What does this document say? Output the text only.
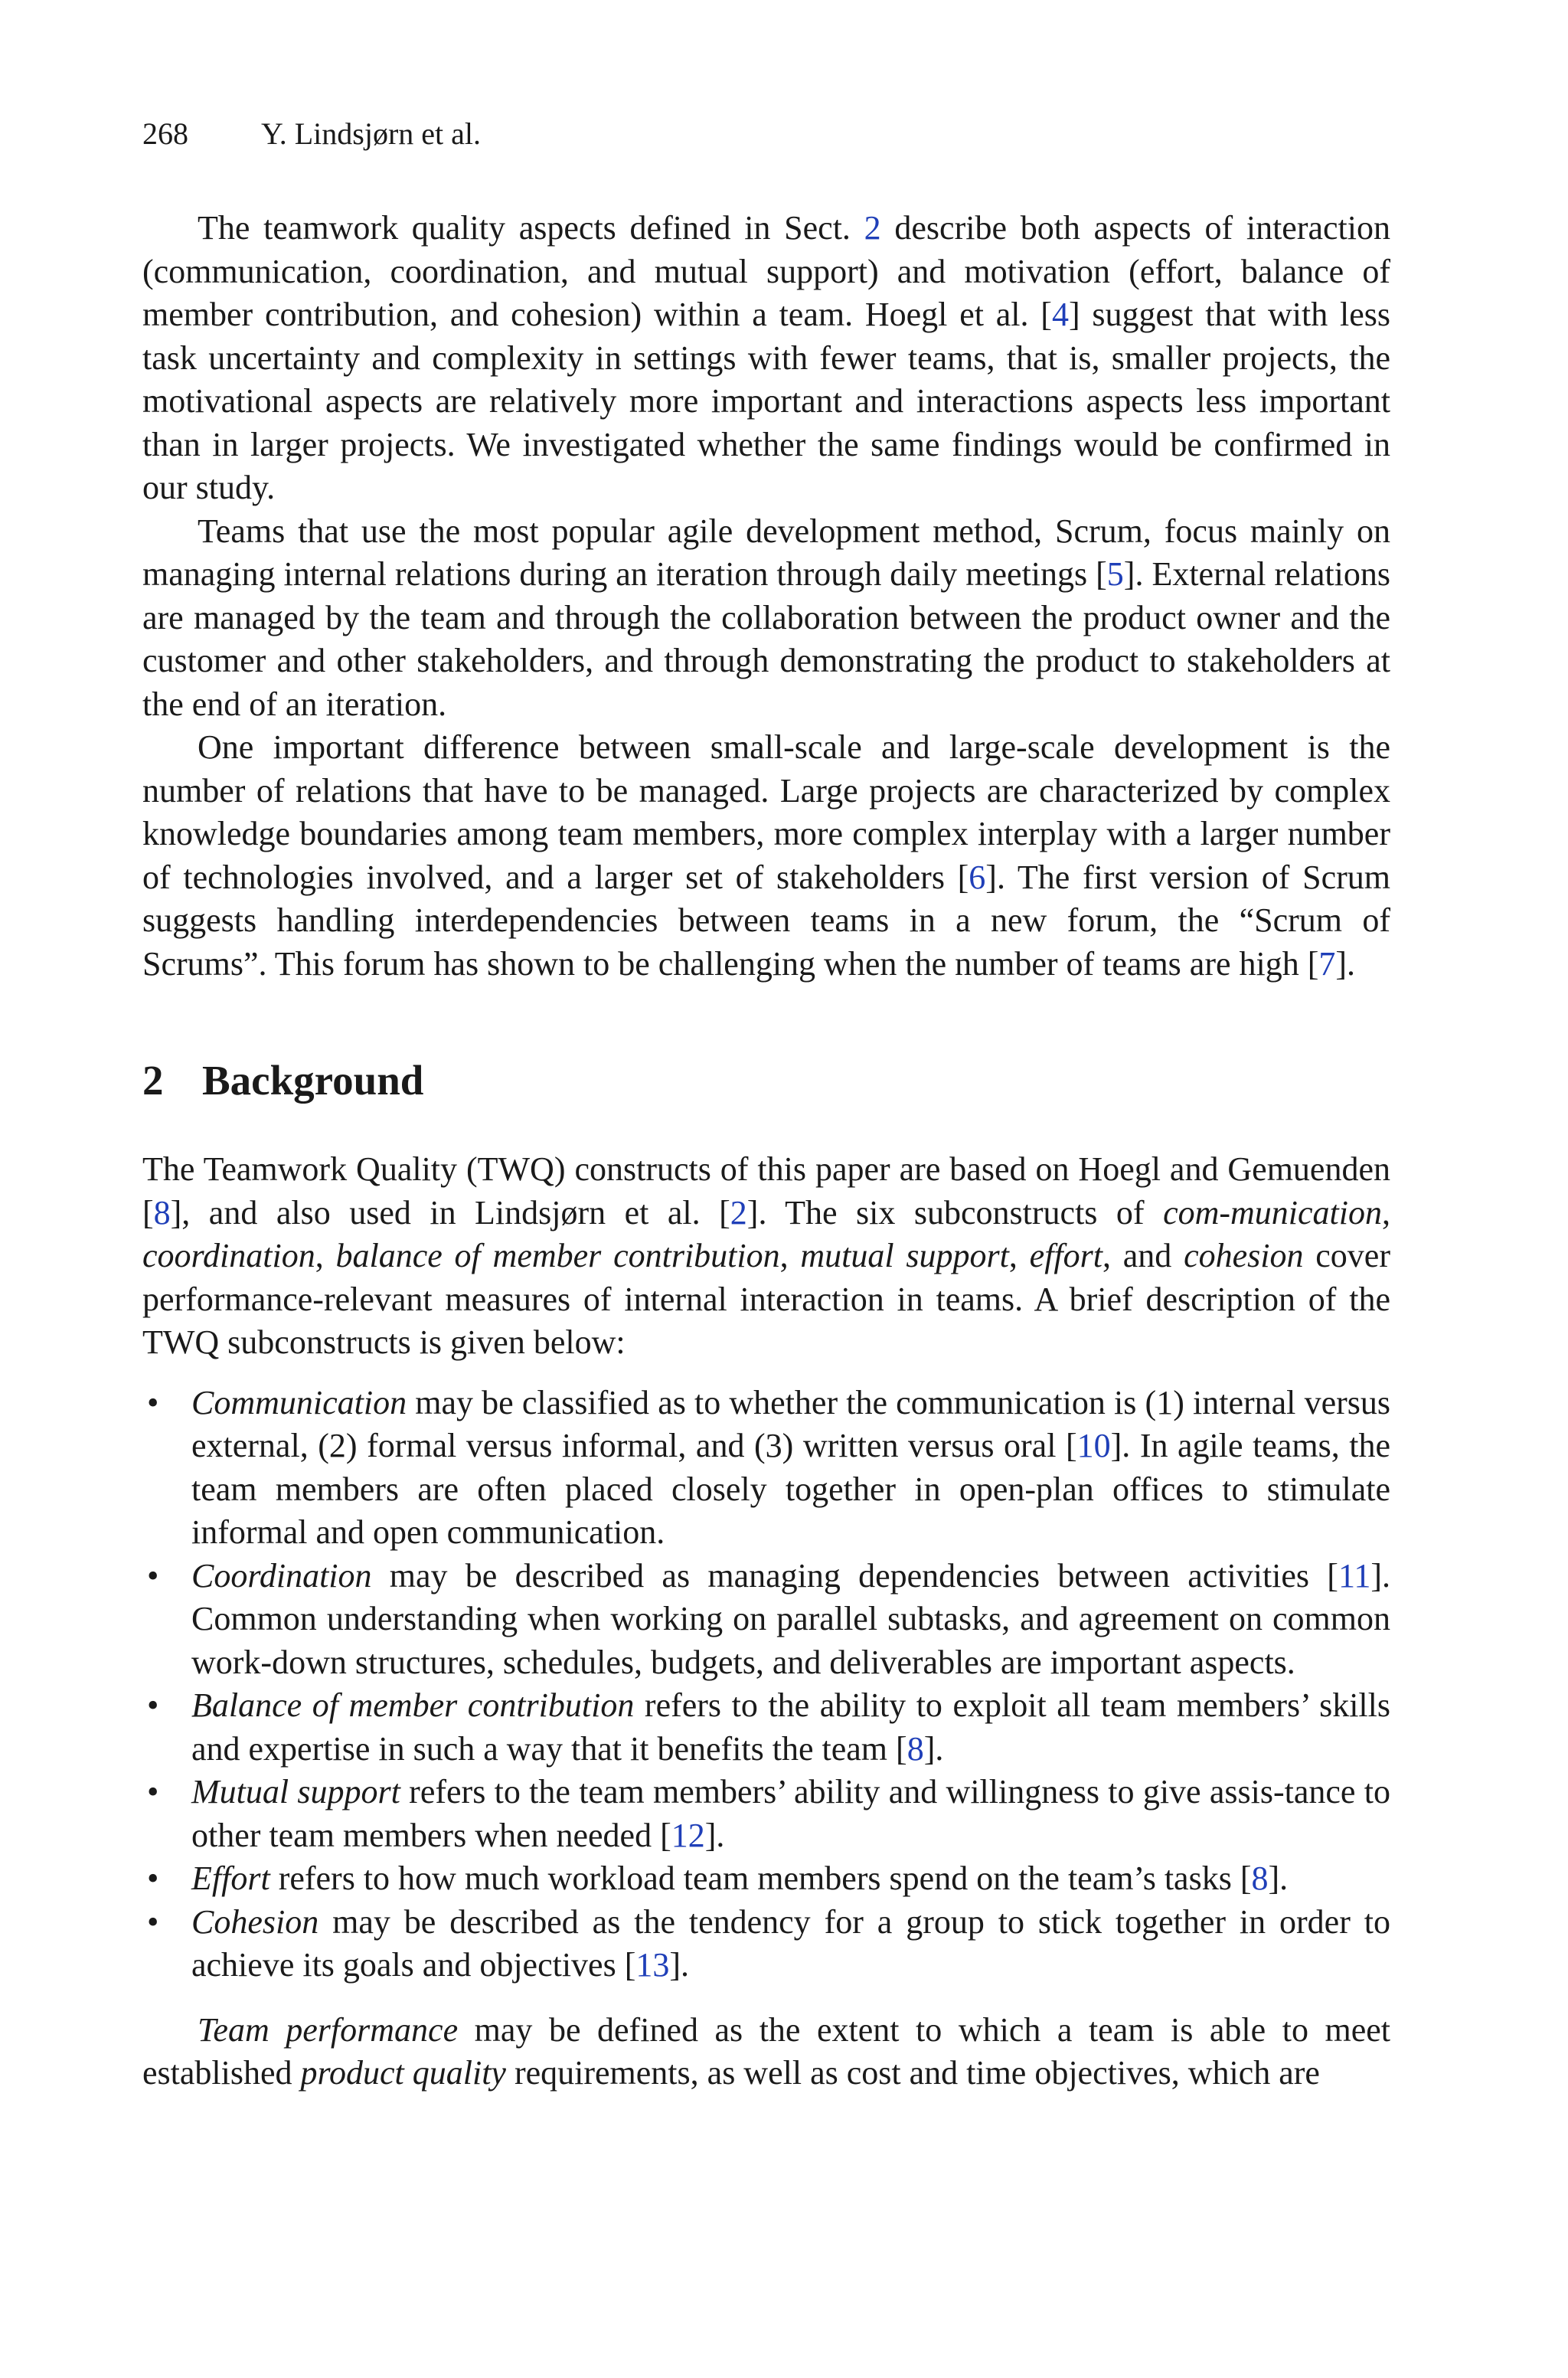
268 Y. Lindsjørn et al.

The teamwork quality aspects defined in Sect. 2 describe both aspects of interaction (communication, coordination, and mutual support) and motivation (effort, balance of member contribution, and cohesion) within a team. Hoegl et al. [4] suggest that with less task uncertainty and complexity in settings with fewer teams, that is, smaller projects, the motivational aspects are relatively more important and interactions aspects less important than in larger projects. We investigated whether the same findings would be confirmed in our study.

Teams that use the most popular agile development method, Scrum, focus mainly on managing internal relations during an iteration through daily meetings [5]. External relations are managed by the team and through the collaboration between the product owner and the customer and other stakeholders, and through demonstrating the product to stakeholders at the end of an iteration.

One important difference between small-scale and large-scale development is the number of relations that have to be managed. Large projects are characterized by complex knowledge boundaries among team members, more complex interplay with a larger number of technologies involved, and a larger set of stakeholders [6]. The first version of Scrum suggests handling interdependencies between teams in a new forum, the “Scrum of Scrums”. This forum has shown to be challenging when the number of teams are high [7].

2 Background

The Teamwork Quality (TWQ) constructs of this paper are based on Hoegl and Gemuenden [8], and also used in Lindsjørn et al. [2]. The six subconstructs of com-munication, coordination, balance of member contribution, mutual support, effort, and cohesion cover performance-relevant measures of internal interaction in teams. A brief description of the TWQ subconstructs is given below:

• Communication may be classified as to whether the communication is (1) internal versus external, (2) formal versus informal, and (3) written versus oral [10]. In agile teams, the team members are often placed closely together in open-plan offices to stimulate informal and open communication.
• Coordination may be described as managing dependencies between activities [11]. Common understanding when working on parallel subtasks, and agreement on common work-down structures, schedules, budgets, and deliverables are important aspects.
• Balance of member contribution refers to the ability to exploit all team members’ skills and expertise in such a way that it benefits the team [8].
• Mutual support refers to the team members’ ability and willingness to give assis-tance to other team members when needed [12].
• Effort refers to how much workload team members spend on the team’s tasks [8].
• Cohesion may be described as the tendency for a group to stick together in order to achieve its goals and objectives [13].

Team performance may be defined as the extent to which a team is able to meet established product quality requirements, as well as cost and time objectives, which are
